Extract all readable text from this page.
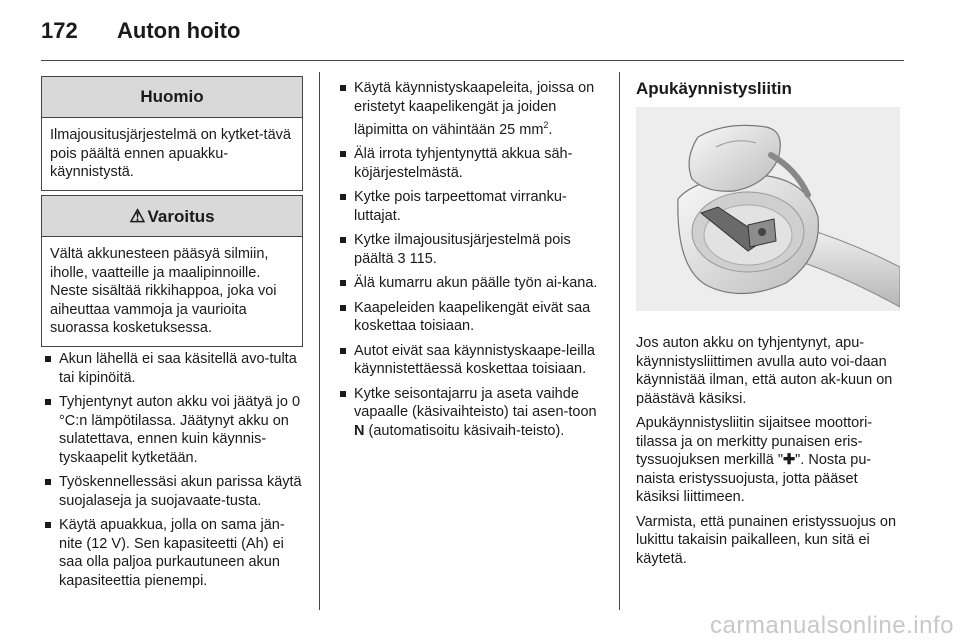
172	Auton hoito
Huomio
Ilmajousitusjärjestelmä on kytket-tävä pois päältä ennen apuakku-käynnistystä.
⚠ Varoitus
Vältä akkunesteen pääsyä silmiin, iholle, vaatteille ja maalipinnoille. Neste sisältää rikkihappoa, joka voi aiheuttaa vammoja ja vaurioita suorassa kosketuksessa.
Akun lähellä ei saa käsitellä avo-tulta tai kipinöitä.
Tyhjentynyt auton akku voi jäätyä jo 0 °C:n lämpötilassa. Jäätynyt akku on sulatettava, ennen kuin käynnis-tyskaapelit kytketään.
Työskennellessäsi akun parissa käytä suojalaseja ja suojavaate-tusta.
Käytä apuakkua, jolla on sama jän-nite (12 V). Sen kapasiteetti (Ah) ei saa olla paljoa purkautuneen akun kapasiteettia pienempi.
Käytä käynnistyskaapeleita, joissa on eristetyt kaapelikengät ja joiden läpimitta on vähintään 25 $mm^2$.
Älä irrota tyhjentynyttä akkua säh-köjärjestelmästä.
Kytke pois tarpeettomat virranku-luttajat.
Kytke ilmajousitusjärjestelmä pois päältä 3 115.
Älä kumarru akun päälle työn ai-kana.
Kaapeleiden kaapelikengät eivät saa koskettaa toisiaan.
Autot eivät saa käynnistyskaape-leilla käynnistettäessä koskettaa toisiaan.
Kytke seisontajarru ja aseta vaihde vapaalle (käsivaihteisto) tai asen-toon N (automatisoitu käsivaih-teisto).
Apukäynnistysliitin

Jos auton akku on tyhjentynyt, apu-käynnistysliittimen avulla auto voi-daan käynnistää ilman, että auton ak-kuun on päästävä käsiksi.

Apukäynnistysliitin sijaitsee moottori-tilassa ja on merkitty punaisen eris-tyssuojuksen merkillä "✚". Nosta pu-naista eristyssuojusta, jotta pääset käsiksi liittimeen.

Varmista, että punainen eristyssuojus on lukittu takaisin paikalleen, kun sitä ei käytetä.

carmanualsonline.info
